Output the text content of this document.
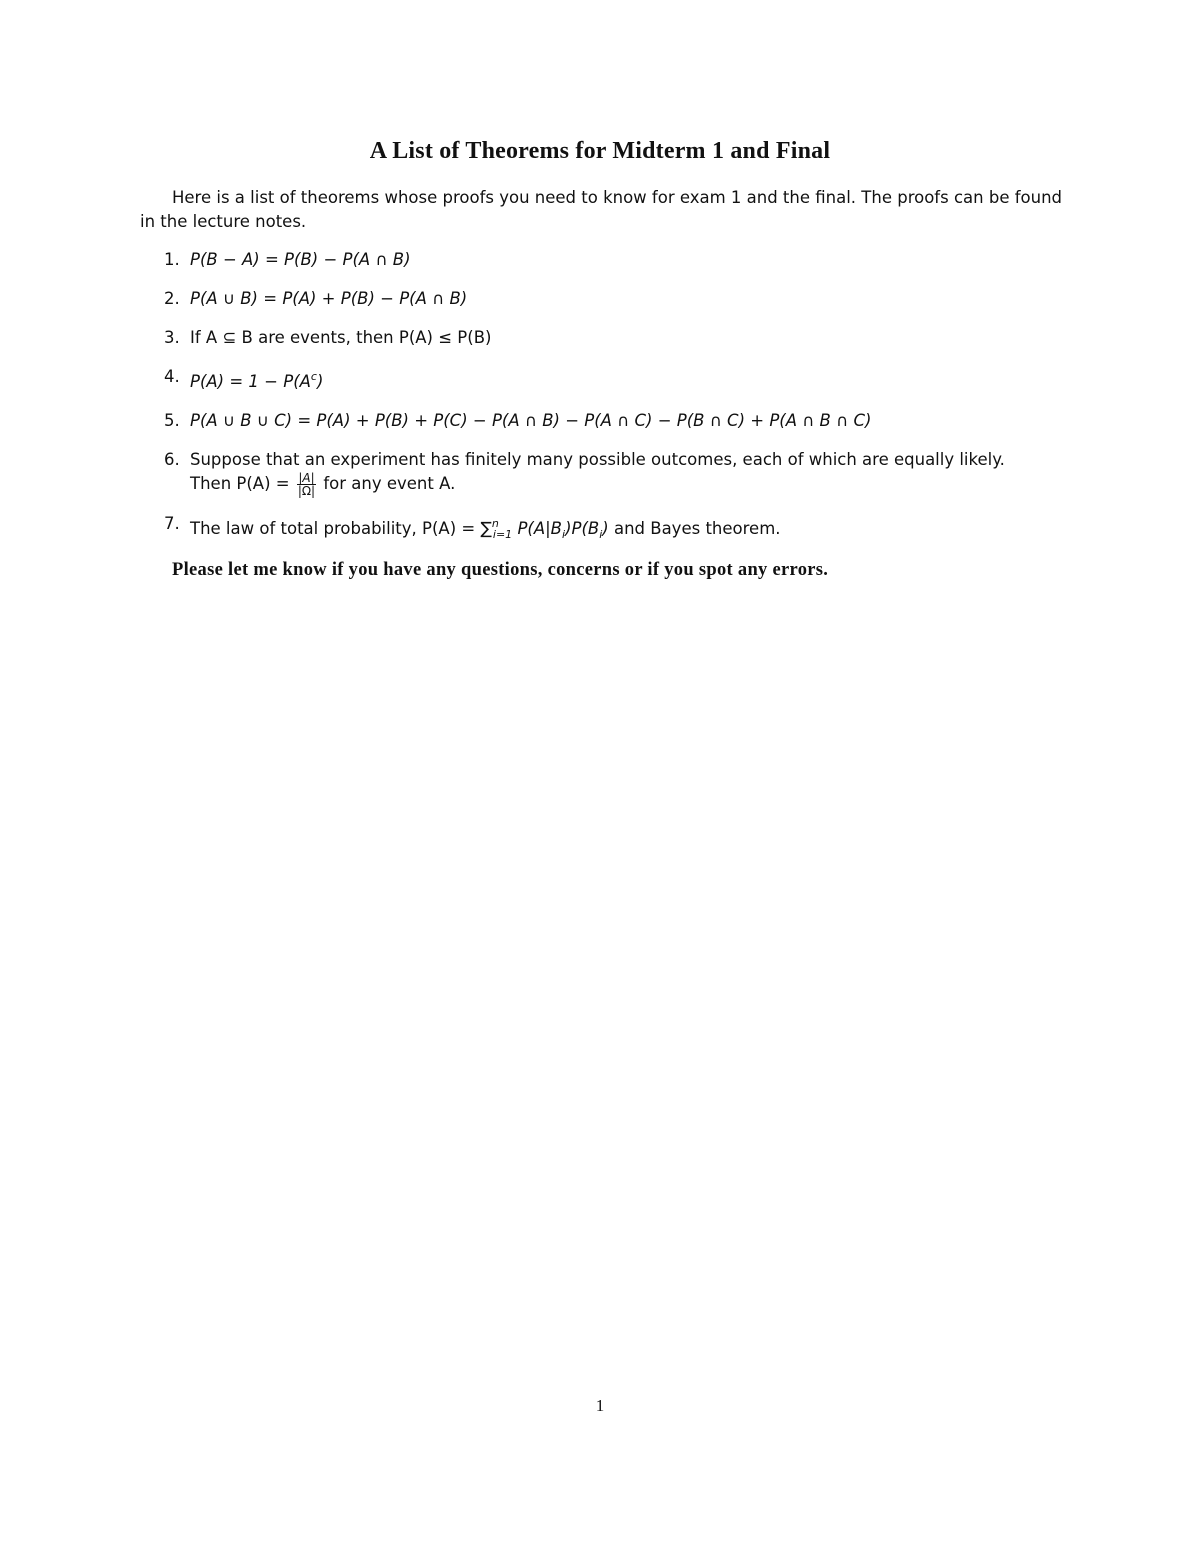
A List of Theorems for Midterm 1 and Final

Here is a list of theorems whose proofs you need to know for exam 1 and the final. The proofs can be found in the lecture notes.

1. P(B − A) = P(B) − P(A ∩ B)
2. P(A ∪ B) = P(A) + P(B) − P(A ∩ B)
3. If A ⊆ B are events, then P(A) ≤ P(B)
4. $P(A) = 1 - P(A^c)$
5. P(A ∪ B ∪ C) = P(A) + P(B) + P(C) − P(A ∩ B) − P(A ∩ C) − P(B ∩ C) + P(A ∩ B ∩ C)
6. Suppose that an experiment has finitely many possible outcomes, each of which are equally likely.
Then $P(A) = \frac{|A|}{|\Omega|}$ for any event A.
7. The law of total probability, P(A) = ∑$^n_{i=1}$ $P(A|B_i)P(B_i)$ and Bayes theorem.
Please let me know if you have any questions, concerns or if you spot any errors.
1
